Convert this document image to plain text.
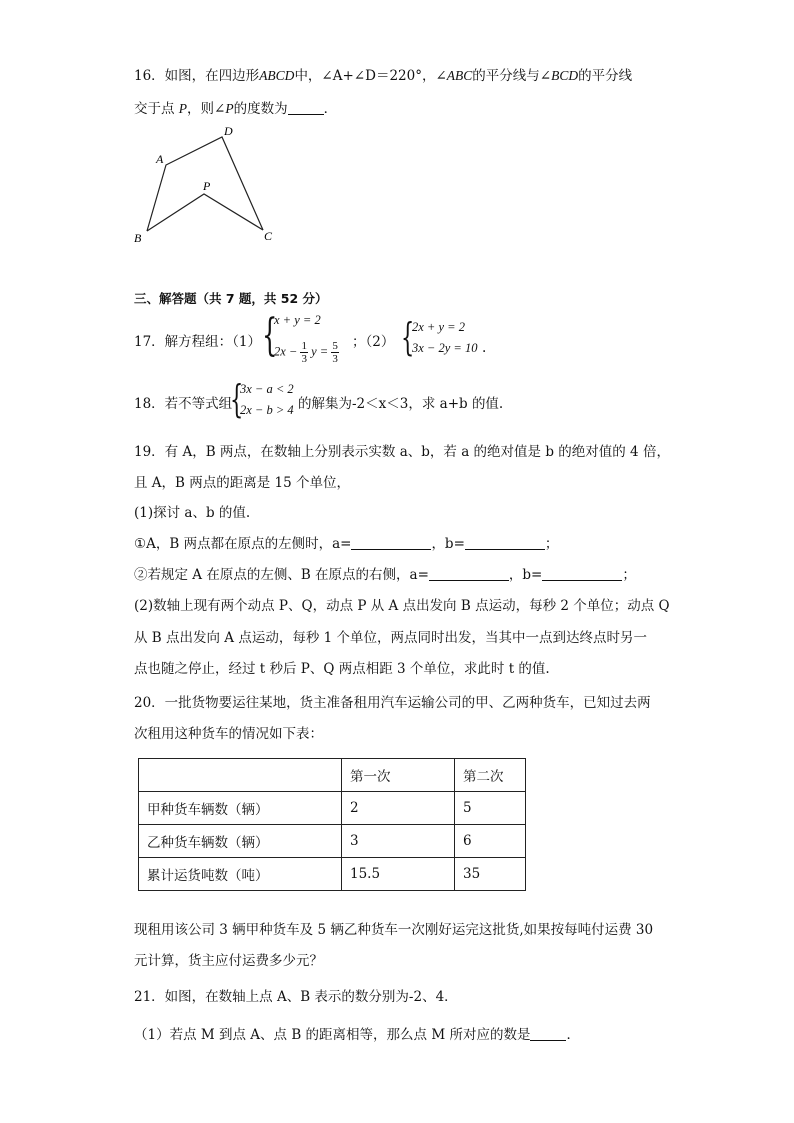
16．如图，在四边形ABCD中，∠A+∠D＝220°，∠ABC的平分线与∠BCD的平分线
交于点 P，则∠P的度数为	．
A
D
P
B	C
三、解答题（共 7 题，共 52 分）
17．解方程组：（1） {
x + y = 2
$2x - \frac{1}{3}$ $y = \frac{5}{3}$ ；（2） {
2x + y = 2
3x − 2y = 10 .
18．若不等式组
{
3x − a < 2
2x − b > 4 的解集为-2＜x＜3，求 a+b 的值.
19．有 A，B 两点，在数轴上分别表示实数 a、b，若 a 的绝对值是 b 的绝对值的 4 倍，
且 A，B 两点的距离是 15 个单位，
(1)探讨 a、b 的值.
①A，B 两点都在原点的左侧时，a=	，b=	；
②若规定 A 在原点的左侧、B 在原点的右侧，a=	，b=	；
(2)数轴上现有两个动点 P、Q，动点 P 从 A 点出发向 B 点运动，每秒 2 个单位；动点 Q
从 B 点出发向 A 点运动，每秒 1 个单位，两点同时出发，当其中一点到达终点时另一
点也随之停止，经过 t 秒后 P、Q 两点相距 3 个单位，求此时 t 的值.
20．一批货物要运往某地，货主准备租用汽车运输公司的甲、乙两种货车，已知过去两
次租用这种货车的情况如下表：
	第一次	第二次
甲种货车辆数（辆）	2	5
乙种货车辆数（辆）	3	6
累计运货吨数（吨）	15.5	35
现租用该公司 3 辆甲种货车及 5 辆乙种货车一次刚好运完这批货,如果按每吨付运费 30
元计算，货主应付运费多少元？
21．如图，在数轴上点 A、B 表示的数分别为-2、4．
（1）若点 M 到点 A、点 B 的距离相等，那么点 M 所对应的数是	．
